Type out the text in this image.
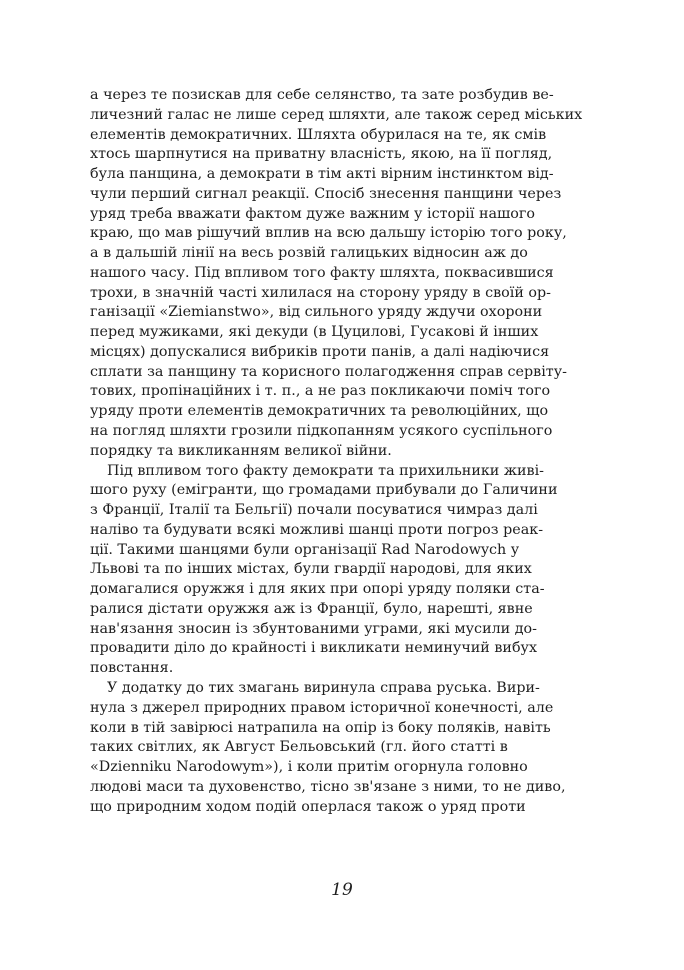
а через те позискав для себе селянство, та зате розбудив ве-
личезний галас не лише серед шляхти, але також серед міських
елементів демократичних. Шляхта обурилася на те, як смів
хтось шарпнутися на приватну власність, якою, на її погляд,
була панщина, а демократи в тім акті вірним інстинктом від-
чули перший сигнал реакції. Спосіб знесення панщини через
уряд треба вважати фактом дуже важним у історії нашого
краю, що мав рішучий вплив на всю дальшу історію того року,
а в дальшій лінії на весь розвій галицьких відносин аж до
нашого часу. Під впливом того факту шляхта, поквасившися
трохи, в значній часті хилилася на сторону уряду в своїй ор-
ганізації «Ziemianstwo», від сильного уряду ждучи охорони
перед мужиками, які декуди (в Цуцилові, Гусакові й інших
місцях) допускалися вибриків проти панів, а далі надіючися
сплати за панщину та корисного полагодження справ сервіту-
тових, пропінаційних і т. п., а не раз покликаючи поміч того
уряду проти елементів демократичних та революційних, що
на погляд шляхти грозили підкопанням усякого суспільного
порядку та викликанням великої війни.
Під впливом того факту демократи та прихильники живі-
шого руху (емігранти, що громадами прибували до Галичини
з Франції, Італії та Бельгії) почали посуватися чимраз далі
наліво та будувати всякі можливі шанці проти погроз реак-
ції. Такими шанцями були організації Rad Narodowych у
Львові та по інших містах, були гвардії народові, для яких
домагалися оружжя і для яких при опорі уряду поляки ста-
ралися дістати оружжя аж із Франції, було, нарешті, явне
нав'язання зносин із збунтованими уграми, які мусили до-
провадити діло до крайності і викликати неминучий вибух
повстання.
У додатку до тих змагань виринула справа руська. Вири-
нула з джерел природних правом історичної конечності, але
коли в тій завірюсі натрапила на опір із боку поляків, навіть
таких світлих, як Август Бельовський (гл. його статті в
«Dzienniku Narodowym»), і коли притім огорнула головно
людові маси та духовенство, тісно зв'язане з ними, то не диво,
що природним ходом подій оперлася також о уряд проти
19
